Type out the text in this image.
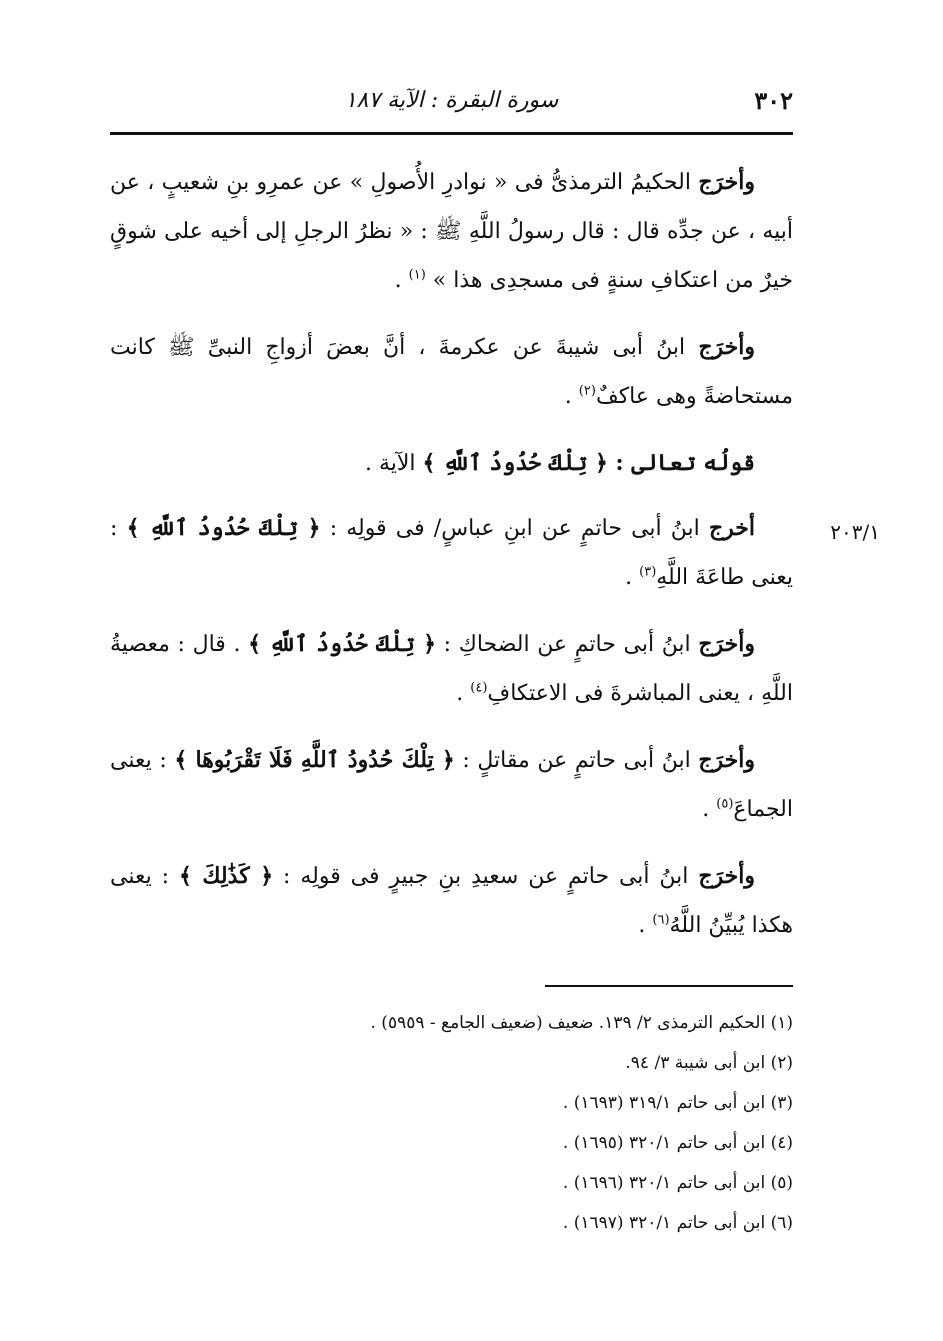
٣٠٢
سورة البقرة : الآية ١٨٧
٢٠٣/١

وأخرَج الحكيمُ الترمذىُّ فى « نوادرِ الأُصولِ » عن عمرِو بنِ شعيبٍ ، عن أبيه ، عن جدِّه قال : قال رسولُ اللَّهِ ﷺ : « نظرُ الرجلِ إلى أخيه على شوقٍ خيرٌ من اعتكافِ سنةٍ فى مسجدِى هذا » $^{(١)}$ .

وأخرَج ابنُ أبى شيبةَ عن عكرمةَ ، أنَّ بعضَ أزواجِ النبىِّ ﷺ كانت مستحاضةً وهى عاكفٌ$^{(٢)}$ .

قولُه تعالى : ﴿ تِلْكَ حُدُودُ ٱللَّهِ ﴾ الآية .

أخرج ابنُ أبى حاتمٍ عن ابنِ عباسٍ/ فى قولِه : ﴿ تِلْكَ حُدُودُ ٱللَّهِ ﴾ : يعنى طاعَةَ اللَّهِ$^{(٣)}$ .

وأخرَج ابنُ أبى حاتمٍ عن الضحاكِ : ﴿ تِلْكَ حُدُودُ ٱللَّهِ ﴾ . قال : معصيةُ اللَّهِ ، يعنى المباشرةَ فى الاعتكافِ$^{(٤)}$ .

وأخرَج ابنُ أبى حاتمٍ عن مقاتلٍ : ﴿ تِلْكَ حُدُودُ ٱللَّهِ فَلَا تَقْرَبُوهَا ﴾ : يعنى الجماعَ$^{(٥)}$ .

وأخرَج ابنُ أبى حاتمٍ عن سعيدِ بنِ جبيرٍ فى قولِه : ﴿ كَذَٰلِكَ ﴾ : يعنى هكذا يُبيِّنُ اللَّهُ$^{(٦)}$ .

(١) الحكيم الترمذى ٢/ ١٣٩. ضعيف (ضعيف الجامع - ٥٩٥٩) .

(٢) ابن أبى شيبة ٣/ ٩٤.

(٣) ابن أبى حاتم ٣١٩/١ (١٦٩٣) .

(٤) ابن أبى حاتم ٣٢٠/١ (١٦٩٥) .

(٥) ابن أبى حاتم ٣٢٠/١ (١٦٩٦) .

(٦) ابن أبى حاتم ٣٢٠/١ (١٦٩٧) .
